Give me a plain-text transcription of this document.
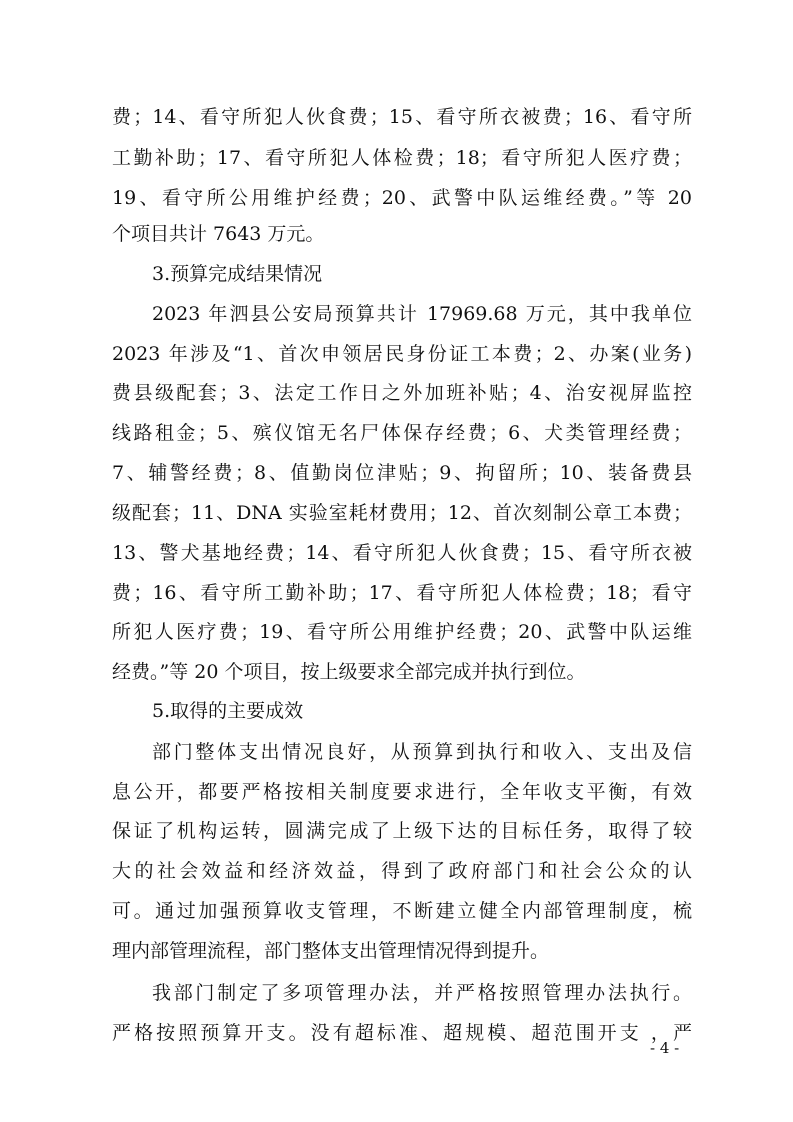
费；14、看守所犯人伙食费；15、看守所衣被费；16、看守所
工勤补助；17、看守所犯人体检费；18；看守所犯人医疗费；
19、看守所公用维护经费；20、武警中队运维经费。”等 20
个项目共计 7643 万元。
3.预算完成结果情况
2023 年泗县公安局预算共计 17969.68 万元，其中我单位
2023 年涉及“1、首次申领居民身份证工本费；2、办案(业务)
费县级配套；3、法定工作日之外加班补贴；4、治安视屏监控
线路租金；5、殡仪馆无名尸体保存经费；6、犬类管理经费；
7、辅警经费；8、值勤岗位津贴；9、拘留所；10、装备费县
级配套；11、DNA 实验室耗材费用；12、首次刻制公章工本费；
13、警犬基地经费；14、看守所犯人伙食费；15、看守所衣被
费；16、看守所工勤补助；17、看守所犯人体检费；18；看守
所犯人医疗费；19、看守所公用维护经费；20、武警中队运维
经费。”等 20 个项目，按上级要求全部完成并执行到位。
5.取得的主要成效
部门整体支出情况良好，从预算到执行和收入、支出及信
息公开，都要严格按相关制度要求进行，全年收支平衡，有效
保证了机构运转，圆满完成了上级下达的目标任务，取得了较
大的社会效益和经济效益，得到了政府部门和社会公众的认
可。通过加强预算收支管理，不断建立健全内部管理制度，梳
理内部管理流程，部门整体支出管理情况得到提升。
我部门制定了多项管理办法，并严格按照管理办法执行。
严格按照预算开支。没有超标准、超规模、超范围开支 ，严
- 4 -
